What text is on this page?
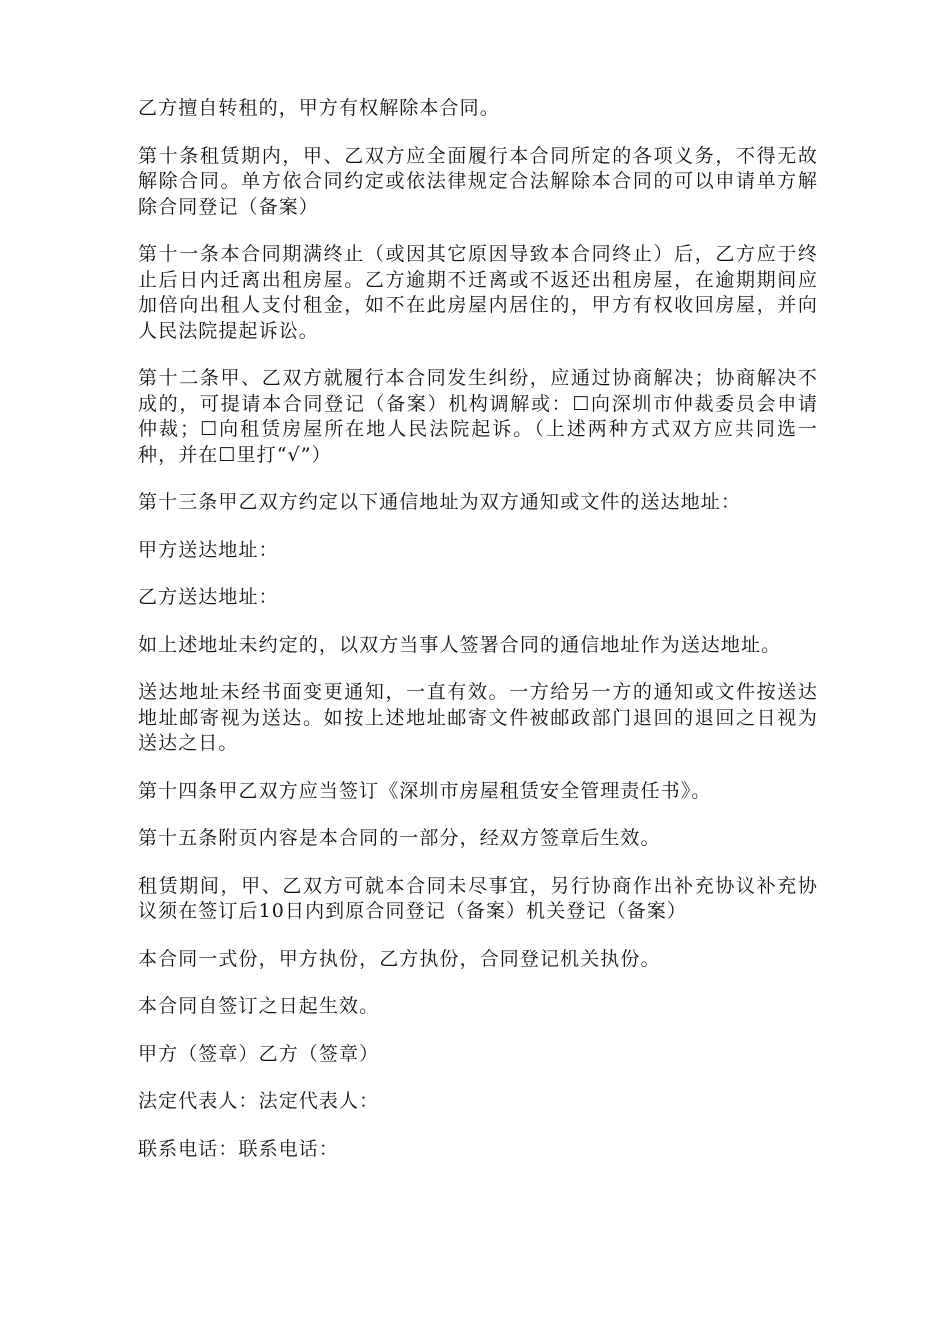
乙方擅自转租的，甲方有权解除本合同。

第十条租赁期内，甲、乙双方应全面履行本合同所定的各项义务，不得无故解除合同。单方依合同约定或依法律规定合法解除本合同的可以申请单方解除合同登记（备案）

第十一条本合同期满终止（或因其它原因导致本合同终止）后，乙方应于终止后日内迁离出租房屋。乙方逾期不迁离或不返还出租房屋，在逾期期间应加倍向出租人支付租金，如不在此房屋内居住的，甲方有权收回房屋，并向人民法院提起诉讼。

第十二条甲、乙双方就履行本合同发生纠纷，应通过协商解决；协商解决不成的，可提请本合同登记（备案）机构调解或：☐向深圳市仲裁委员会申请仲裁；☐向租赁房屋所在地人民法院起诉。（上述两种方式双方应共同选一种，并在☐里打“√”）

第十三条甲乙双方约定以下通信地址为双方通知或文件的送达地址：

甲方送达地址：

乙方送达地址：

如上述地址未约定的，以双方当事人签署合同的通信地址作为送达地址。

送达地址未经书面变更通知，一直有效。一方给另一方的通知或文件按送达地址邮寄视为送达。如按上述地址邮寄文件被邮政部门退回的退回之日视为送达之日。

第十四条甲乙双方应当签订《深圳市房屋租赁安全管理责任书》。

第十五条附页内容是本合同的一部分，经双方签章后生效。

租赁期间，甲、乙双方可就本合同未尽事宜，另行协商作出补充协议补充协议须在签订后10日内到原合同登记（备案）机关登记（备案）

本合同一式份，甲方执份，乙方执份，合同登记机关执份。

本合同自签订之日起生效。

甲方（签章）乙方（签章）

法定代表人：法定代表人：

联系电话：联系电话：
